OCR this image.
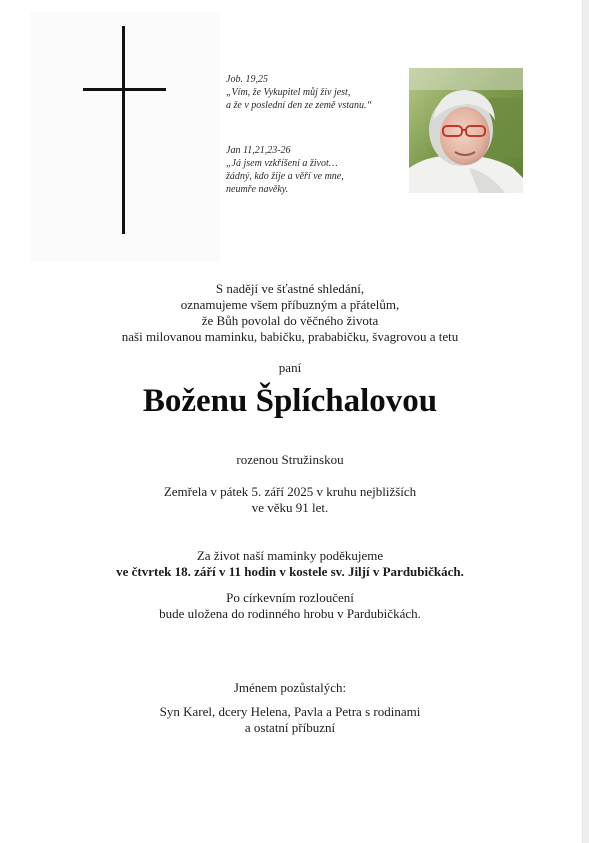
Job. 19,25
„Vím, že Vykupitel můj živ jest,
a že v poslední den ze země vstanu.“
Jan 11,21,23-26
„Já jsem vzkříšení a život…
žádný, kdo žije a věří ve mne,
neumře navěky.
S nadějí ve šťastné shledání,
oznamujeme všem příbuzným a přátelům,
že Bůh povolal do věčného života
naši milovanou maminku, babičku, prababičku, švagrovou a tetu
paní
Boženu Šplíchalovou
rozenou Stružinskou
Zemřela v pátek 5. září 2025 v kruhu nejbližších
ve věku 91 let.
Za život naší maminky poděkujeme
ve čtvrtek 18. září v 11 hodin v kostele sv. Jiljí v Pardubičkách.
Po církevním rozloučení
bude uložena do rodinného hrobu v Pardubičkách.
Jménem pozůstalých:
Syn Karel, dcery Helena, Pavla a Petra s rodinami
a ostatní příbuzní
